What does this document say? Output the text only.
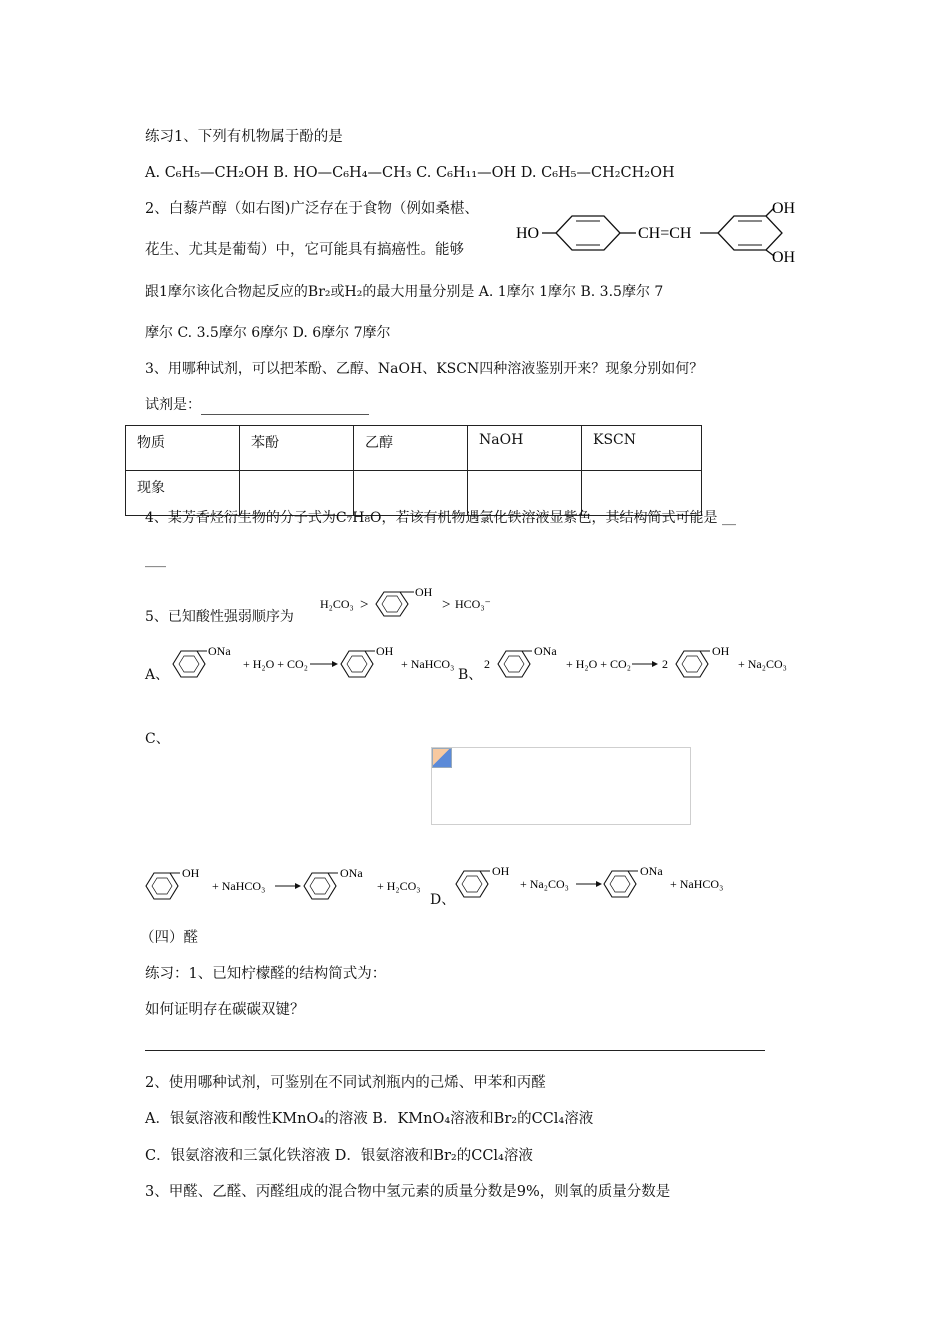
练习1、下列有机物属于酚的是
A. C₆H₅—CH₂OH B. HO—C₆H₄—CH₃ C. C₆H₁₁—OH D. C₆H₅—CH₂CH₂OH
2、白藜芦醇（如右图)广泛存在于食物（例如桑椹、
花生、尤其是葡萄）中，它可能具有搞癌性。能够
跟1摩尔该化合物起反应的Br₂或H₂的最大用量分别是 A. 1摩尔 1摩尔 B. 3.5摩尔 7
摩尔 C. 3.5摩尔 6摩尔 D. 6摩尔 7摩尔
HO	CH=CH
OH
OH
3、用哪种试剂，可以把苯酚、乙醇、NaOH、KSCN四种溶液鉴别开来？现象分别如何？
试剂是：
物质	苯酚	乙醇	NaOH	KSCN
现象				
4、某芳香烃衍生物的分子式为C₇H₈O，若该有机物遇氯化铁溶液显紫色，其结构简式可能是 __
___
5、已知酸性强弱顺序为
H₂CO₃ >
OH
> HCO₃⁻
A、
ONa
+ H₂O + CO₂
OH
+ NaHCO₃
B、
2
ONa
+ H₂O + CO₂	2
OH
+ Na₂CO₃
C、
OH
+ NaHCO₃
ONa
+ H₂CO₃
D、
OH
+ Na₂CO₃
ONa
+ NaHCO₃
（四）醛
练习：1、已知柠檬醛的结构简式为：
如何证明存在碳碳双键？
2、使用哪种试剂，可鉴别在不同试剂瓶内的己烯、甲苯和丙醛
A．银氨溶液和酸性KMnO₄的溶液 B．KMnO₄溶液和Br₂的CCl₄溶液
C．银氨溶液和三氯化铁溶液 D．银氨溶液和Br₂的CCl₄溶液
3、甲醛、乙醛、丙醛组成的混合物中氢元素的质量分数是9%，则氧的质量分数是
